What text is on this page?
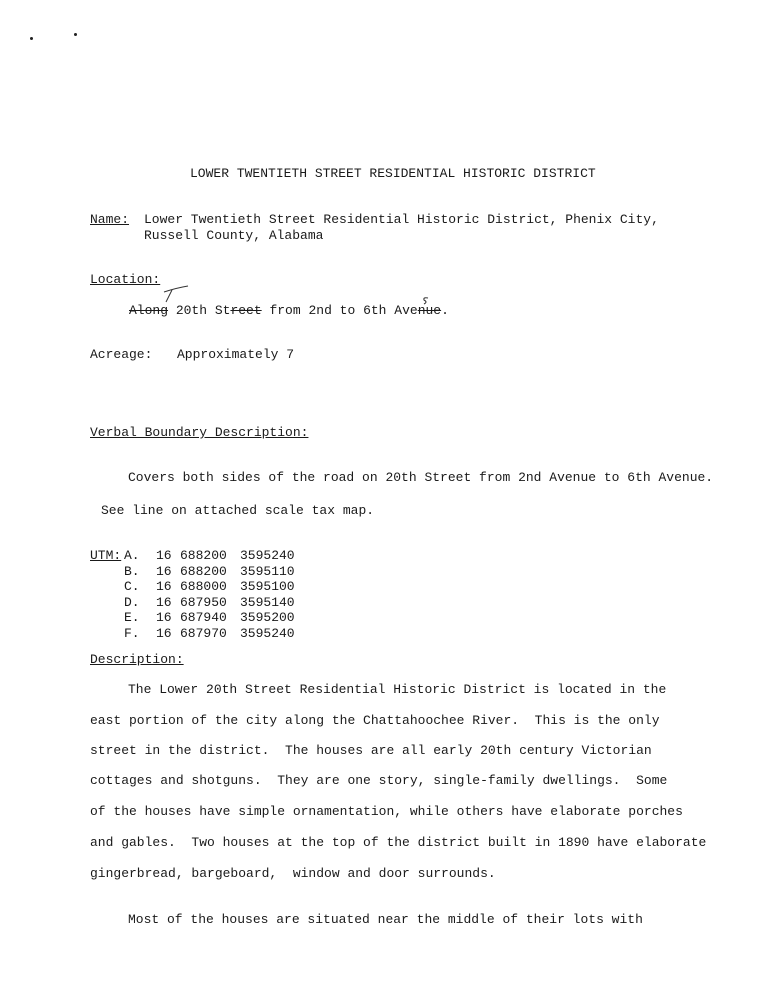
LOWER TWENTIETH STREET RESIDENTIAL HISTORIC DISTRICT
Name: Lower Twentieth Street Residential Historic District, Phenix City,
Russell County, Alabama
Location:
Along 20th Street from 2nd to 6th Avenue.
Acreage: Approximately 7
Verbal Boundary Description:
Covers both sides of the road on 20th Street from 2nd Avenue to 6th Avenue.
See line on attached scale tax map.
UTM:	A.	16	688200	3595240
	B.	16	688200	3595110
	C.	16	688000	3595100
	D.	16	687950	3595140
	E.	16	687940	3595200
	F.	16	687970	3595240
Description:
The Lower 20th Street Residential Historic District is located in the
east portion of the city along the Chattahoochee River.  This is the only
street in the district.  The houses are all early 20th century Victorian
cottages and shotguns.  They are one story, single-family dwellings.  Some
of the houses have simple ornamentation, while others have elaborate porches
and gables.  Two houses at the top of the district built in 1890 have elaborate
gingerbread, bargeboard,  window and door surrounds.
Most of the houses are situated near the middle of their lots with
